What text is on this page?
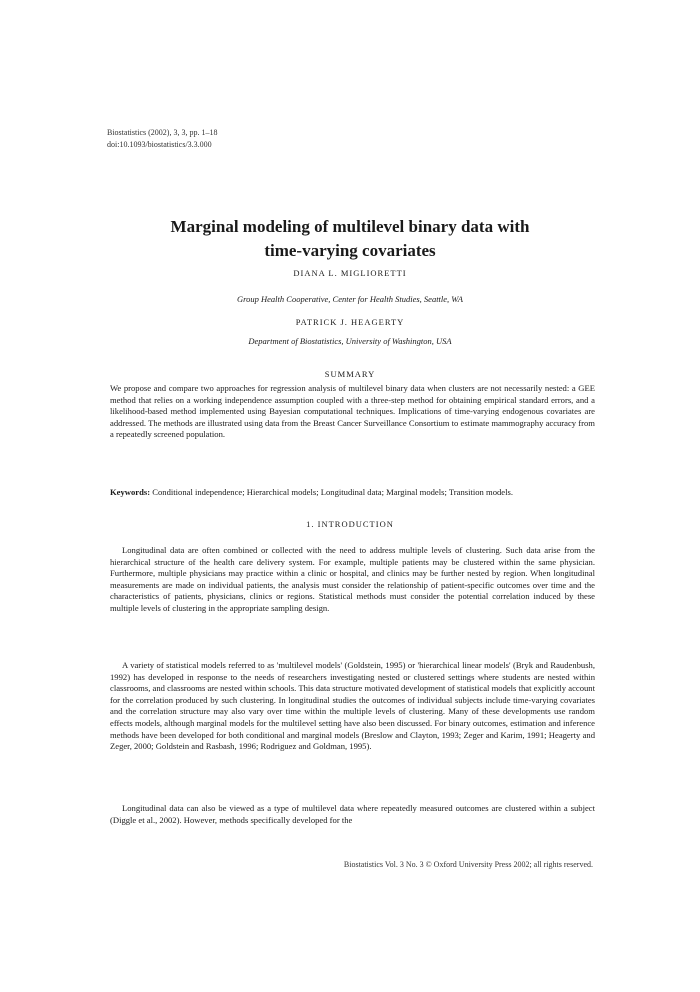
Biostatistics (2002), 3, 3, pp. 1–18
doi:10.1093/biostatistics/3.3.000
Marginal modeling of multilevel binary data with
time-varying covariates
DIANA L. MIGLIORETTI
Group Health Cooperative, Center for Health Studies, Seattle, WA
PATRICK J. HEAGERTY
Department of Biostatistics, University of Washington, USA
SUMMARY

We propose and compare two approaches for regression analysis of multilevel binary data when clusters are not necessarily nested: a GEE method that relies on a working independence assumption coupled with a three-step method for obtaining empirical standard errors, and a likelihood-based method implemented using Bayesian computational techniques. Implications of time-varying endogenous covariates are addressed. The methods are illustrated using data from the Breast Cancer Surveillance Consortium to estimate mammography accuracy from a repeatedly screened population.

Keywords: Conditional independence; Hierarchical models; Longitudinal data; Marginal models; Transition models.
1. INTRODUCTION

Longitudinal data are often combined or collected with the need to address multiple levels of clustering. Such data arise from the hierarchical structure of the health care delivery system. For example, multiple patients may be clustered within the same physician. Furthermore, multiple physicians may practice within a clinic or hospital, and clinics may be further nested by region. When longitudinal measurements are made on individual patients, the analysis must consider the relationship of patient-specific outcomes over time and the characteristics of patients, physicians, clinics or regions. Statistical methods must consider the potential correlation induced by these multiple levels of clustering in the appropriate sampling design.

A variety of statistical models referred to as 'multilevel models' (Goldstein, 1995) or 'hierarchical linear models' (Bryk and Raudenbush, 1992) has developed in response to the needs of researchers investigating nested or clustered settings where students are nested within classrooms, and classrooms are nested within schools. This data structure motivated development of statistical models that explicitly account for the correlation produced by such clustering. In longitudinal studies the outcomes of individual subjects include time-varying covariates and the correlation structure may also vary over time within the multiple levels of clustering. Many of these developments use random effects models, although marginal models for the multilevel setting have also been discussed. For binary outcomes, estimation and inference methods have been developed for both conditional and marginal models (Breslow and Clayton, 1993; Zeger and Karim, 1991; Heagerty and Zeger, 2000; Goldstein and Rasbash, 1996; Rodriguez and Goldman, 1995).

Longitudinal data can also be viewed as a type of multilevel data where repeatedly measured outcomes are clustered within a subject (Diggle et al., 2002). However, methods specifically developed for the

Biostatistics Vol. 3 No. 3 © Oxford University Press 2002; all rights reserved.
